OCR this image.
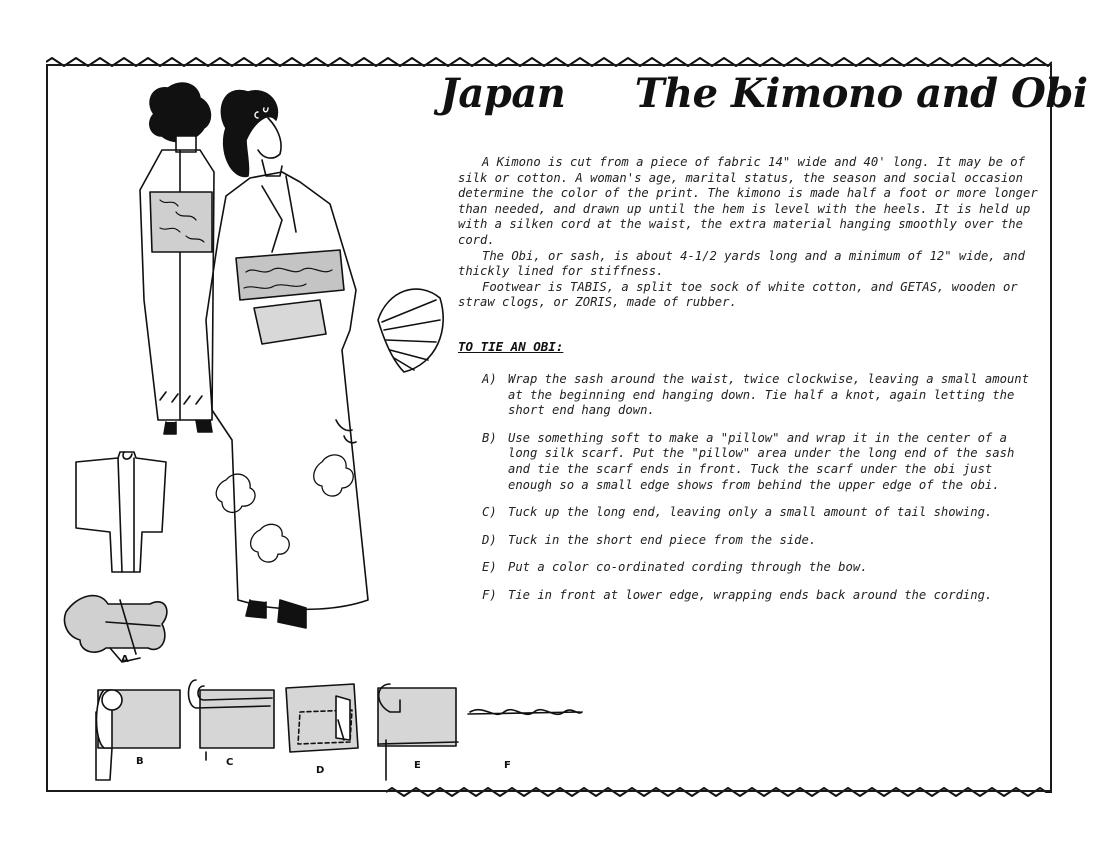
Japan The Kimono and Obi

A Kimono is cut from a piece of fabric 14" wide and 40' long. It may be of silk or cotton. A woman's age, marital status, the season and social occasion determine the color of the print. The kimono is made half a foot or more longer than needed, and drawn up until the hem is level with the heels. It is held up with a silken cord at the waist, the extra material hanging smoothly over the cord.

The Obi, or sash, is about 4-1/2 yards long and a minimum of 12" wide, and thickly lined for stiffness.

Footwear is TABIS, a split toe sock of white cotton, and GETAS, wooden or straw clogs, or ZORIS, made of rubber.

TO TIE AN OBI:
A) Wrap the sash around the waist, twice clockwise, leaving a small amount at the beginning end hanging down. Tie half a knot, again letting the short end hang down.
B) Use something soft to make a "pillow" and wrap it in the center of a long silk scarf. Put the "pillow" area under the long end of the sash and tie the scarf ends in front. Tuck the scarf under the obi just enough so a small edge shows from behind the upper edge of the obi.
C) Tuck up the long end, leaving only a small amount of tail showing.
D) Tuck in the short end piece from the side.
E) Put a color co-ordinated cording through the bow.
F) Tie in front at lower edge, wrapping ends back around the cording.
A
B	C
D	E	F
